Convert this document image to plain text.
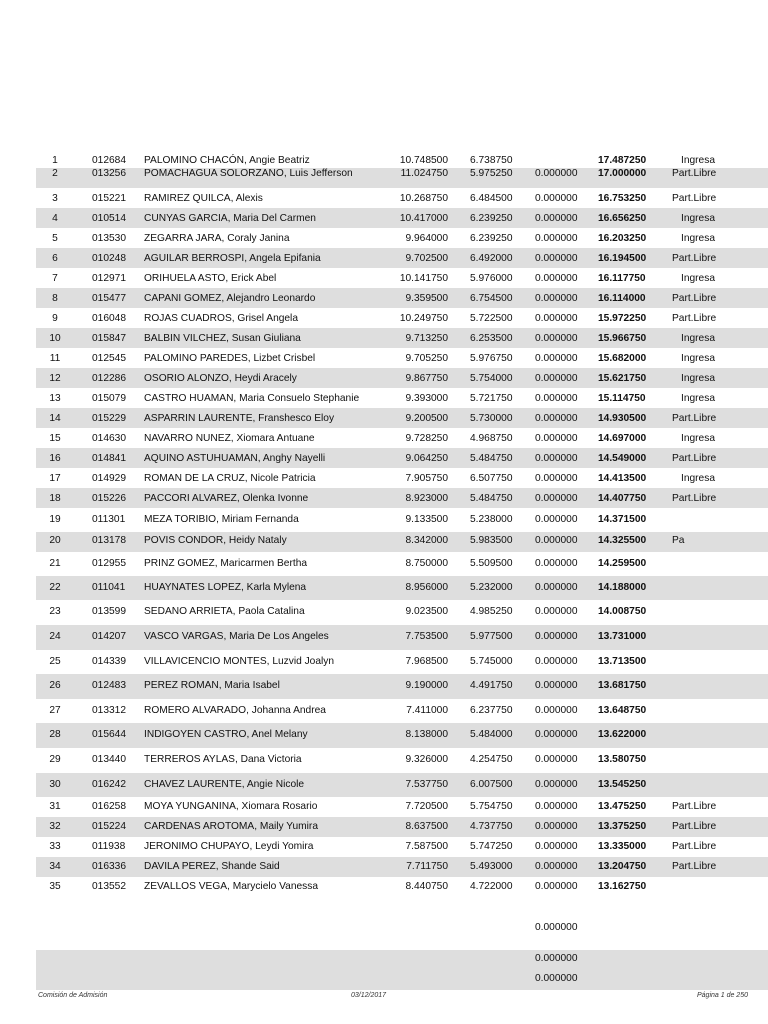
1	012684 PALOMINO CHACÓN, Angie Beatriz	10.748500 6.738750	17.487250	Ingresa
2	013256 POMACHAGUA SOLORZANO, Luis Jefferson	11.024750 5.975250 0.000000 17.000000	Part.Libre
3	015221 RAMIREZ QUILCA, Alexis	10.268750 6.484500 0.000000 16.753250	Part.Libre
4	010514 CUNYAS GARCIA, Maria Del Carmen	10.417000 6.239250 0.000000 16.656250	Ingresa
5	013530 ZEGARRA JARA, Coraly Janina	9.964000 6.239250 0.000000 16.203250	Ingresa
6	010248 AGUILAR BERROSPI, Angela Epifania	9.702500 6.492000 0.000000 16.194500	Part.Libre
7	012971 ORIHUELA ASTO, Erick Abel	10.141750 5.976000 0.000000 16.117750	Ingresa
8	015477 CAPANI GOMEZ, Alejandro Leonardo	9.359500 6.754500 0.000000 16.114000	Part.Libre
9	016048 ROJAS CUADROS, Grisel Angela	10.249750 5.722500 0.000000 15.972250	Part.Libre
10	015847 BALBIN VILCHEZ, Susan Giuliana	9.713250 6.253500 0.000000 15.966750	Ingresa
11	012545 PALOMINO PAREDES, Lizbet Crisbel	9.705250 5.976750 0.000000 15.682000	Ingresa
12	012286 OSORIO ALONZO, Heydi Aracely	9.867750 5.754000 0.000000 15.621750	Ingresa
13	015079 CASTRO HUAMAN, Maria Consuelo Stephanie	9.393000 5.721750 0.000000 15.114750	Ingresa
14	015229 ASPARRIN LAURENTE, Franshesco Eloy	9.200500 5.730000 0.000000 14.930500	Part.Libre
15	014630 NAVARRO NUNEZ, Xiomara Antuane	9.728250 4.968750 0.000000 14.697000	Ingresa
16	014841 AQUINO ASTUHUAMAN, Anghy Nayelli	9.064250 5.484750 0.000000 14.549000	Part.Libre
17	014929 ROMAN DE LA CRUZ, Nicole Patricia	7.905750 6.507750 0.000000 14.413500	Ingresa
18	015226 PACCORI ALVAREZ, Olenka Ivonne	8.923000 5.484750 0.000000 14.407750	Part.Libre
19	011301 MEZA TORIBIO, Miriam Fernanda	9.133500 5.238000 0.000000 14.371500
20	013178 POVIS CONDOR, Heidy Nataly	8.342000 5.983500 0.000000 14.325500	Pa
21	012955 PRINZ GOMEZ, Maricarmen Bertha	8.750000 5.509500 0.000000 14.259500
22	011041 HUAYNATES LOPEZ, Karla Mylena	8.956000 5.232000 0.000000 14.188000
23	013599 SEDANO ARRIETA, Paola Catalina	9.023500 4.985250 0.000000 14.008750
24	014207 VASCO VARGAS, Maria De Los Angeles	7.753500 5.977500 0.000000 13.731000
25	014339 VILLAVICENCIO MONTES, Luzvid Joalyn	7.968500 5.745000 0.000000 13.713500
26	012483 PEREZ ROMAN, Maria Isabel	9.190000 4.491750 0.000000 13.681750
27	013312 ROMERO ALVARADO, Johanna Andrea	7.411000 6.237750 0.000000 13.648750
28	015644 INDIGOYEN CASTRO, Anel Melany	8.138000 5.484000 0.000000 13.622000
29	013440 TERREROS AYLAS, Dana Victoria	9.326000 4.254750 0.000000 13.580750
30	016242 CHAVEZ LAURENTE, Angie Nicole	7.537750 6.007500 0.000000 13.545250
31	016258 MOYA YUNGANINA, Xiomara Rosario	7.720500 5.754750 0.000000 13.475250	Part.Libre
32	015224 CARDENAS AROTOMA, Maily Yumira	8.637500 4.737750 0.000000 13.375250	Part.Libre
33	011938 JERONIMO CHUPAYO, Leydi Yomira	7.587500 5.747250 0.000000 13.335000	Part.Libre
34	016336 DAVILA PEREZ, Shande Said	7.711750 5.493000 0.000000 13.204750	Part.Libre
35	013552 ZEVALLOS VEGA, Marycielo Vanessa	8.440750 4.722000 0.000000 13.162750
0.000000
0.000000
0.000000
Comisión de Admisión	03/12/2017	Página 1 de 250
